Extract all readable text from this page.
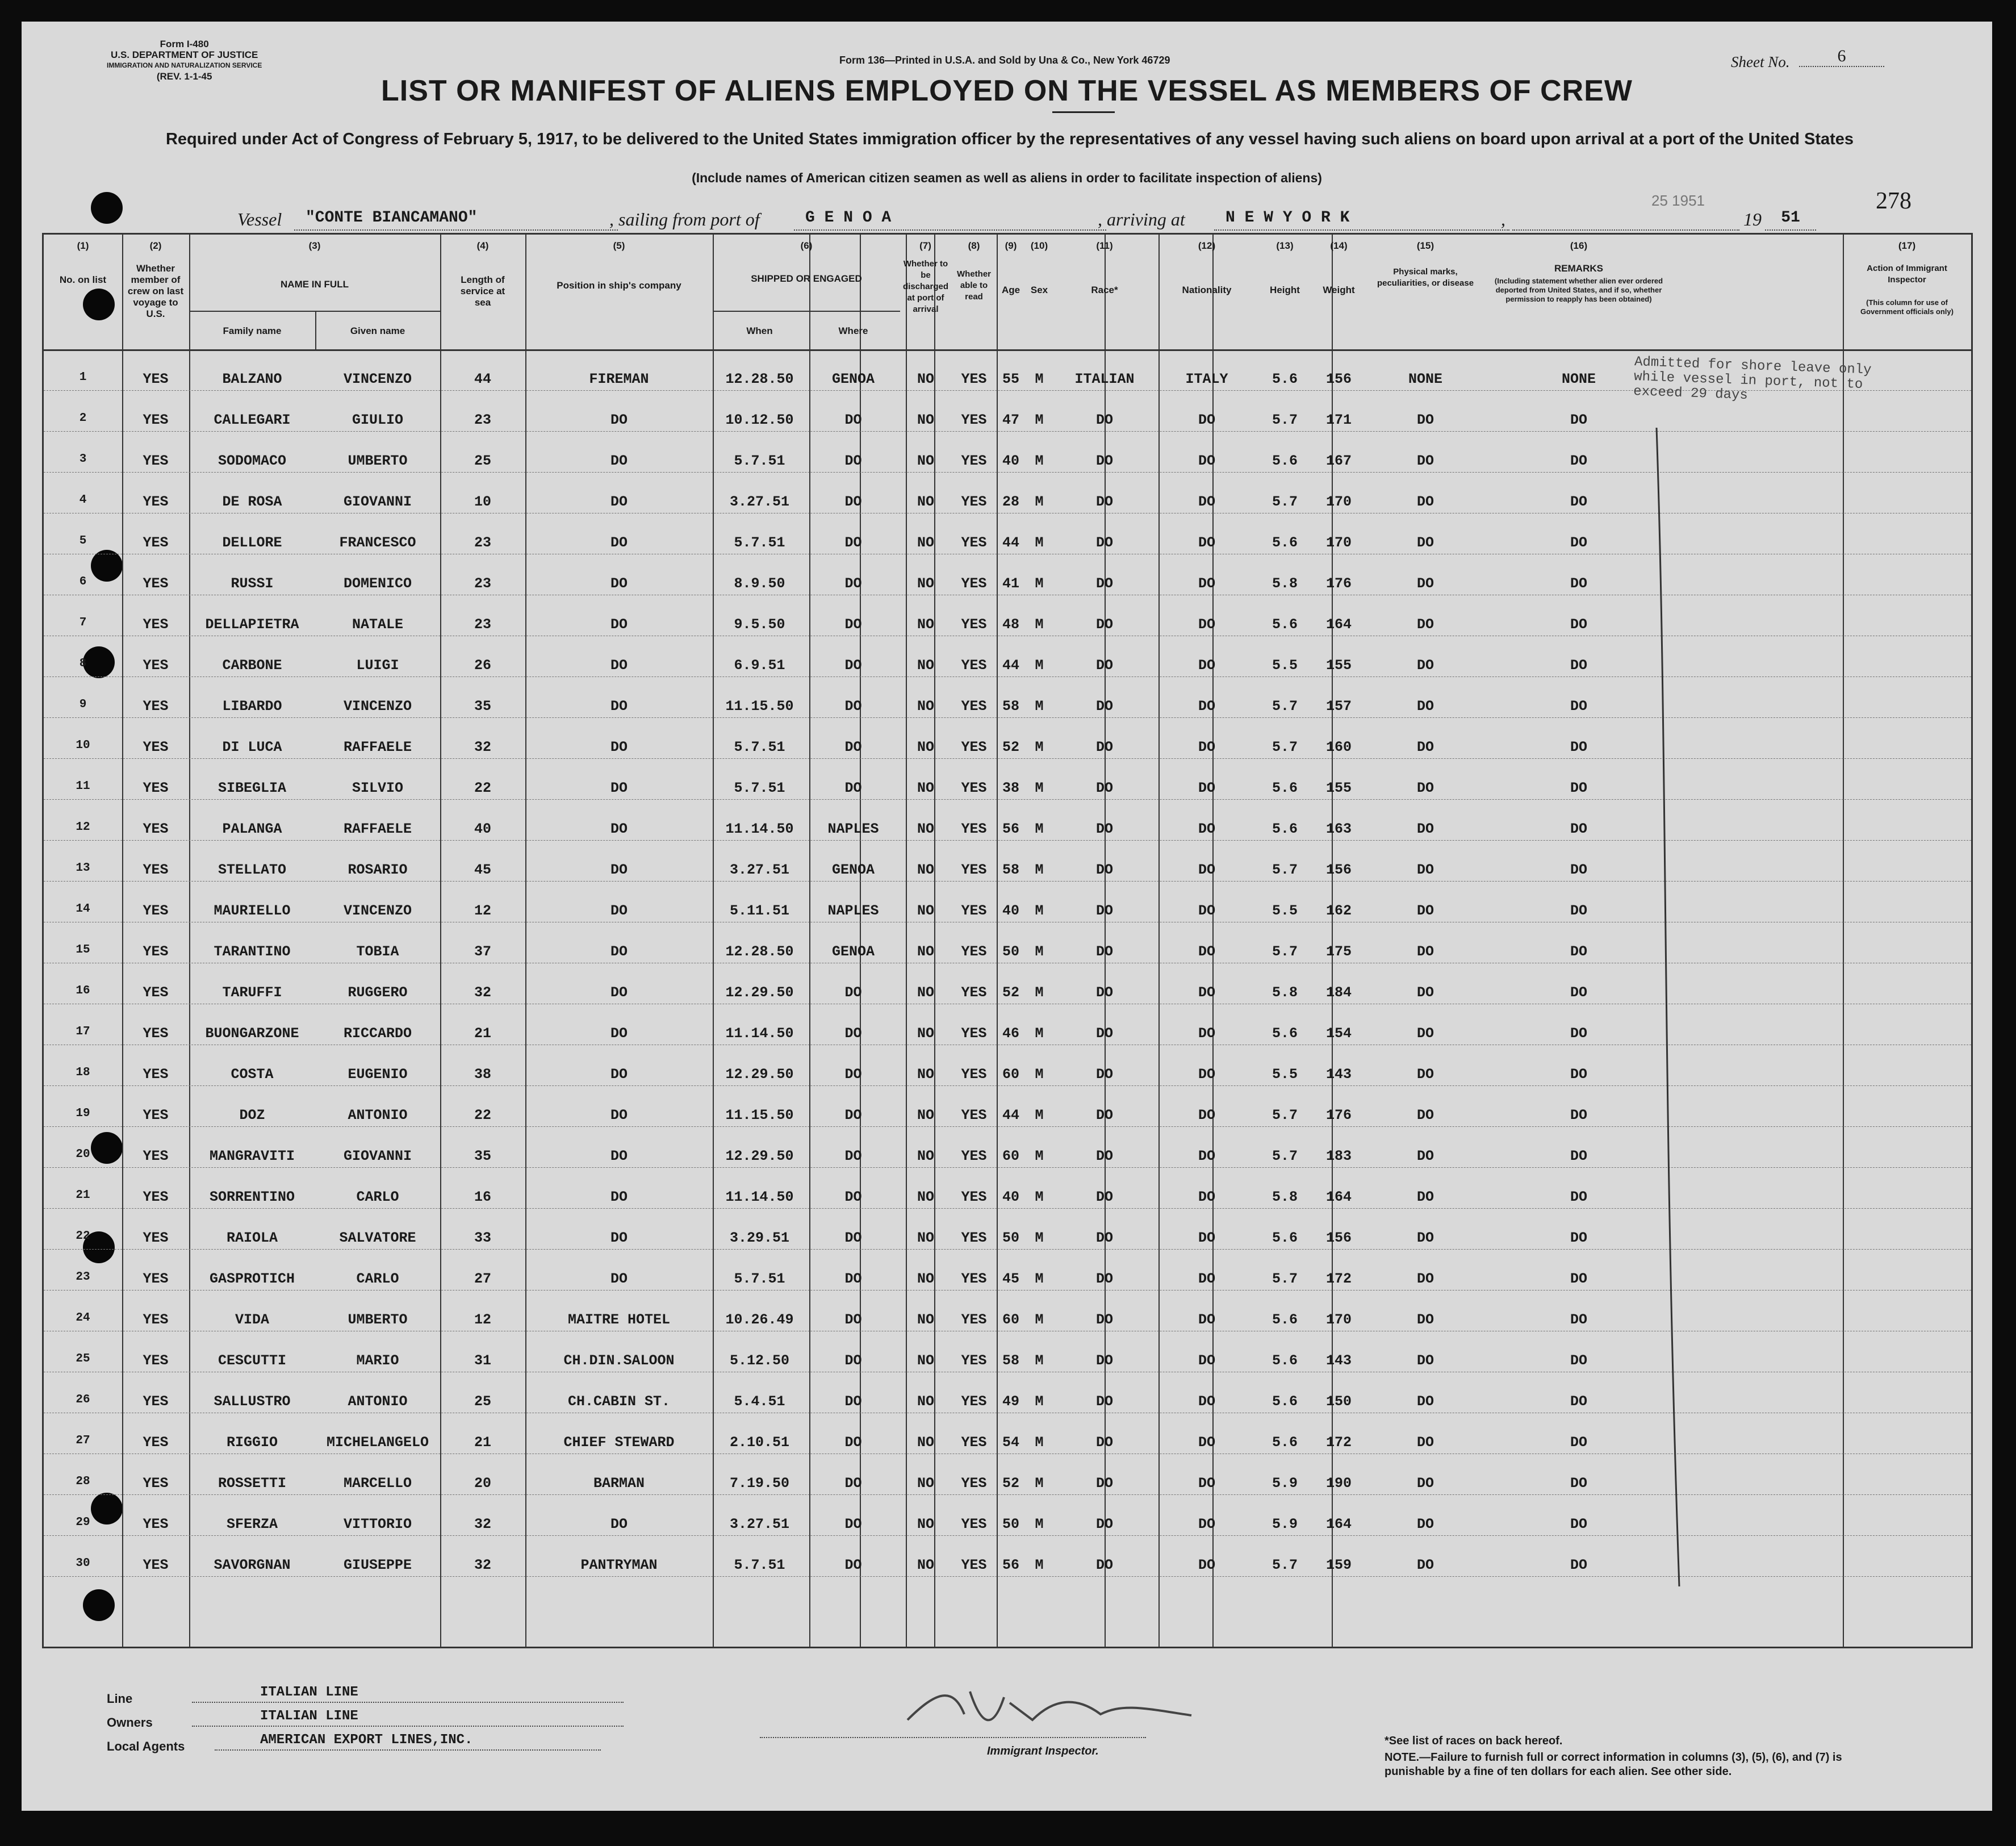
Form I-480
U.S. DEPARTMENT OF JUSTICE
IMMIGRATION AND NATURALIZATION SERVICE
(REV. 1-1-45
Form 136—Printed in U.S.A. and Sold by Una & Co., New York 46729	Sheet No.	6
LIST OR MANIFEST OF ALIENS EMPLOYED ON THE VESSEL AS MEMBERS OF CREW
Required under Act of Congress of February 5, 1917, to be delivered to the United States immigration officer by the representatives of any vessel having such aliens on board upon arrival at a port of the United States
(Include names of American citizen seamen as well as aliens in order to facilitate inspection of aliens)
25 1951	278
Vessel	"CONTE BIANCAMANO"	, sailing from port of	G E N O A	, arriving at	N E W Y O R K	,	19	51
(1)
No. on list
(2)
Whether member of crew on last voyage to U.S.
(3)
NAME IN FULL
Family name	Given name
(4)
Length of service at sea
(5)
Position in ship's company
(6)
SHIPPED OR ENGAGED
When	Where
(7)
Whether to be discharged at port of arrival
(8)
Whether able to read
(9)
Age
(10)
Sex
(11)
Race*
(12)
Nationality
(13)
Height
(14)
Weight
(15)
Physical marks, peculiarities, or disease
(16)
REMARKS
(Including statement whether alien ever ordered deported from United States, and if so, whether permission to reapply has been obtained)
(17)
Action of Immigrant Inspector
(This column for use of Government officials only)
1	YES	BALZANO	VINCENZO	44	FIREMAN	12.28.50	GENOA	NO	YES	55	M	ITALIAN	ITALY	5.6	156	NONE	NONE
2	YES	CALLEGARI	GIULIO	23	DO	10.12.50	DO	NO	YES	47	M	DO	DO	5.7	171	DO	DO
3	YES	SODOMACO	UMBERTO	25	DO	5.7.51	DO	NO	YES	40	M	DO	DO	5.6	167	DO	DO
4	YES	DE ROSA	GIOVANNI	10	DO	3.27.51	DO	NO	YES	28	M	DO	DO	5.7	170	DO	DO
5	YES	DELLORE	FRANCESCO	23	DO	5.7.51	DO	NO	YES	44	M	DO	DO	5.6	170	DO	DO
6	YES	RUSSI	DOMENICO	23	DO	8.9.50	DO	NO	YES	41	M	DO	DO	5.8	176	DO	DO
7	YES	DELLAPIETRA	NATALE	23	DO	9.5.50	DO	NO	YES	48	M	DO	DO	5.6	164	DO	DO
8	YES	CARBONE	LUIGI	26	DO	6.9.51	DO	NO	YES	44	M	DO	DO	5.5	155	DO	DO
9	YES	LIBARDO	VINCENZO	35	DO	11.15.50	DO	NO	YES	58	M	DO	DO	5.7	157	DO	DO
10	YES	DI LUCA	RAFFAELE	32	DO	5.7.51	DO	NO	YES	52	M	DO	DO	5.7	160	DO	DO
11	YES	SIBEGLIA	SILVIO	22	DO	5.7.51	DO	NO	YES	38	M	DO	DO	5.6	155	DO	DO
12	YES	PALANGA	RAFFAELE	40	DO	11.14.50	NAPLES	NO	YES	56	M	DO	DO	5.6	163	DO	DO
13	YES	STELLATO	ROSARIO	45	DO	3.27.51	GENOA	NO	YES	58	M	DO	DO	5.7	156	DO	DO
14	YES	MAURIELLO	VINCENZO	12	DO	5.11.51	NAPLES	NO	YES	40	M	DO	DO	5.5	162	DO	DO
15	YES	TARANTINO	TOBIA	37	DO	12.28.50	GENOA	NO	YES	50	M	DO	DO	5.7	175	DO	DO
16	YES	TARUFFI	RUGGERO	32	DO	12.29.50	DO	NO	YES	52	M	DO	DO	5.8	184	DO	DO
17	YES	BUONGARZONE	RICCARDO	21	DO	11.14.50	DO	NO	YES	46	M	DO	DO	5.6	154	DO	DO
18	YES	COSTA	EUGENIO	38	DO	12.29.50	DO	NO	YES	60	M	DO	DO	5.5	143	DO	DO
19	YES	DOZ	ANTONIO	22	DO	11.15.50	DO	NO	YES	44	M	DO	DO	5.7	176	DO	DO
20	YES	MANGRAVITI	GIOVANNI	35	DO	12.29.50	DO	NO	YES	60	M	DO	DO	5.7	183	DO	DO
21	YES	SORRENTINO	CARLO	16	DO	11.14.50	DO	NO	YES	40	M	DO	DO	5.8	164	DO	DO
22	YES	RAIOLA	SALVATORE	33	DO	3.29.51	DO	NO	YES	50	M	DO	DO	5.6	156	DO	DO
23	YES	GASPROTICH	CARLO	27	DO	5.7.51	DO	NO	YES	45	M	DO	DO	5.7	172	DO	DO
24	YES	VIDA	UMBERTO	12	MAITRE HOTEL	10.26.49	DO	NO	YES	60	M	DO	DO	5.6	170	DO	DO
25	YES	CESCUTTI	MARIO	31	CH.DIN.SALOON	5.12.50	DO	NO	YES	58	M	DO	DO	5.6	143	DO	DO
26	YES	SALLUSTRO	ANTONIO	25	CH.CABIN ST.	5.4.51	DO	NO	YES	49	M	DO	DO	5.6	150	DO	DO
27	YES	RIGGIO	MICHELANGELO	21	CHIEF STEWARD	2.10.51	DO	NO	YES	54	M	DO	DO	5.6	172	DO	DO
28	YES	ROSSETTI	MARCELLO	20	BARMAN	7.19.50	DO	NO	YES	52	M	DO	DO	5.9	190	DO	DO
29	YES	SFERZA	VITTORIO	32	DO	3.27.51	DO	NO	YES	50	M	DO	DO	5.9	164	DO	DO
30	YES	SAVORGNAN	GIUSEPPE	32	PANTRYMAN	5.7.51	DO	NO	YES	56	M	DO	DO	5.7	159	DO	DO
Admitted for shore leave only while vessel in port, not to exceed 29 days
Line	ITALIAN LINE
Owners	ITALIAN LINE
Local Agents	AMERICAN EXPORT LINES,INC.
Immigrant Inspector.
*See list of races on back hereof.
NOTE.—Failure to furnish full or correct information in columns (3), (5), (6), and (7) is punishable by a fine of ten dollars for each alien. See other side.
